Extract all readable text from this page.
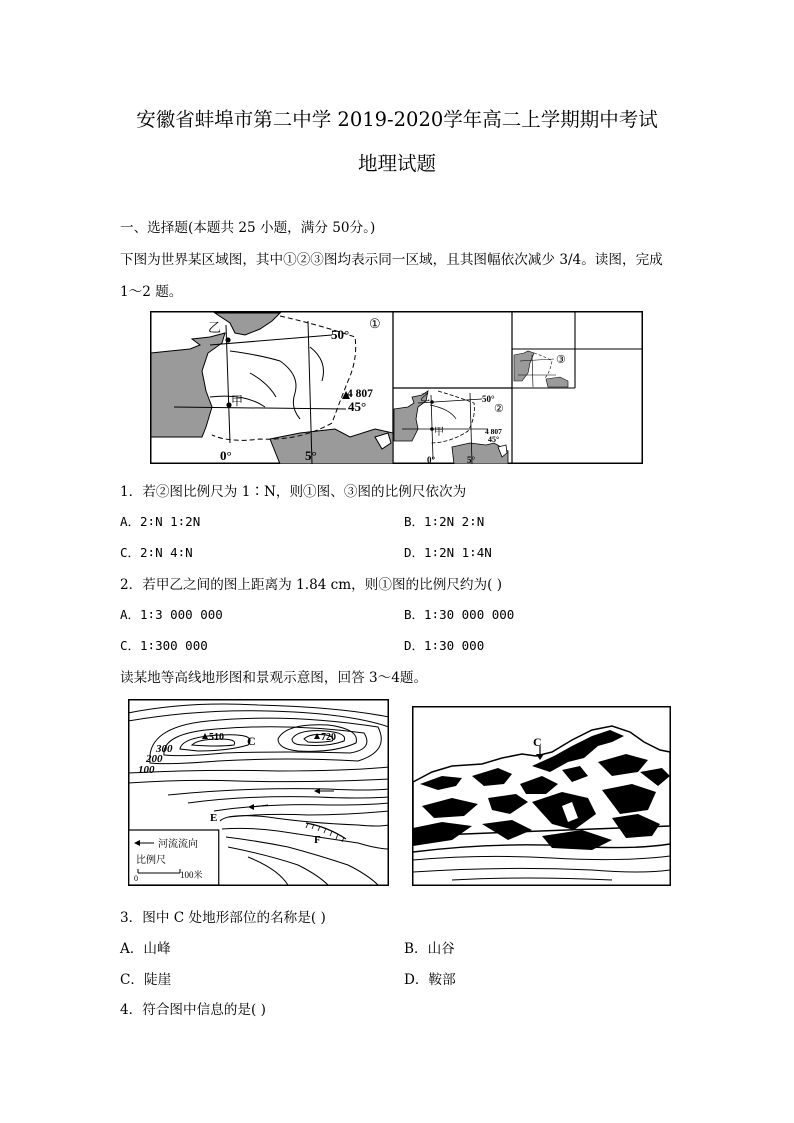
安徽省蚌埠市第二中学 2019-2020学年高二上学期期中考试
地理试题
一、选择题(本题共 25 小题，满分 50分。)
下图为世界某区域图，其中①②③图均表示同一区域，且其图幅依次减少 3/4。读图，完成
1～2 题。
乙
甲
50°
4 807
45°
0°	5°
①
乙
甲
50°
4 807
45°
0°	5°
②
③
1．若②图比例尺为 1∶N，则①图、③图的比例尺依次为
A．2∶N 1∶2N	B．1∶2N 2∶N
C．2∶N 4∶N	D．1∶2N 1∶4N
2．若甲乙之间的图上距离为 1.84 cm，则①图的比例尺约为( )
A．1∶3 000 000	B．1∶30 000 000
C．1∶300 000	D．1∶30 000
读某地等高线地形图和景观示意图，回答 3～4题。
510	720
C
300
200
100
E
F
河流流向
比例尺
0	100米
C
3．图中 C 处地形部位的名称是( )
A．山峰	B．山谷
C．陡崖	D．鞍部
4．符合图中信息的是( )
